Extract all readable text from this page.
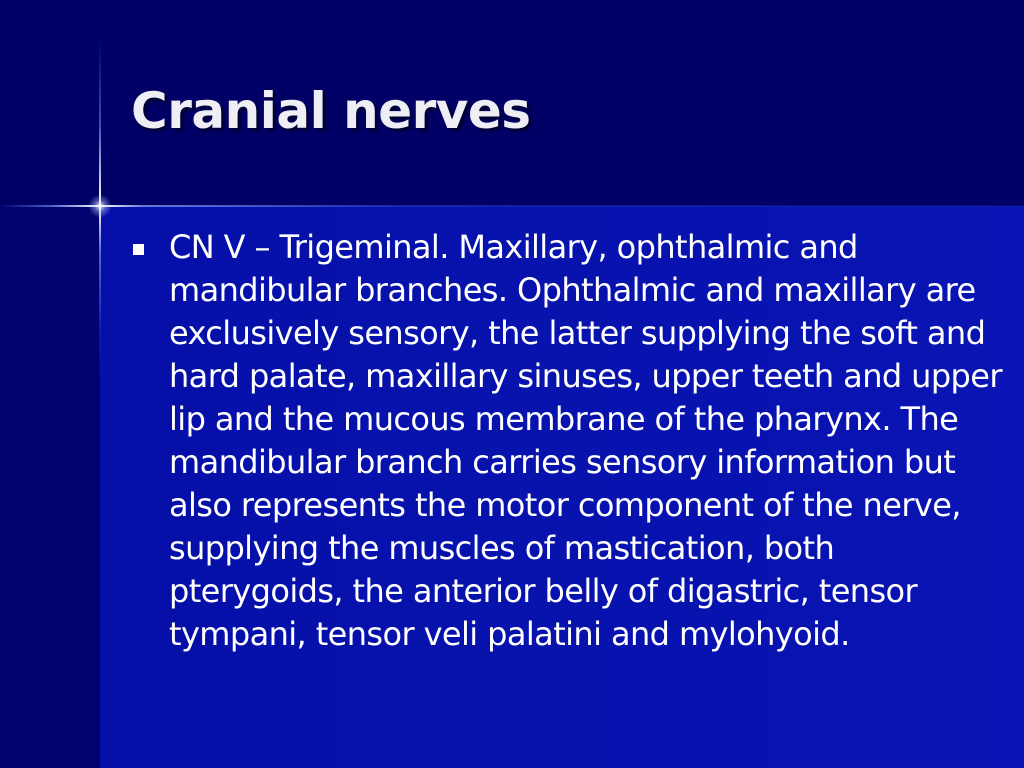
Cranial nerves
CN V – Trigeminal. Maxillary, ophthalmic and mandibular branches. Ophthalmic and maxillary are exclusively sensory, the latter supplying the soft and hard palate, maxillary sinuses, upper teeth and upper lip and the mucous membrane of the pharynx. The mandibular branch carries sensory information but also represents the motor component of the nerve, supplying the muscles of mastication, both pterygoids, the anterior belly of digastric, tensor tympani, tensor veli palatini and mylohyoid.
